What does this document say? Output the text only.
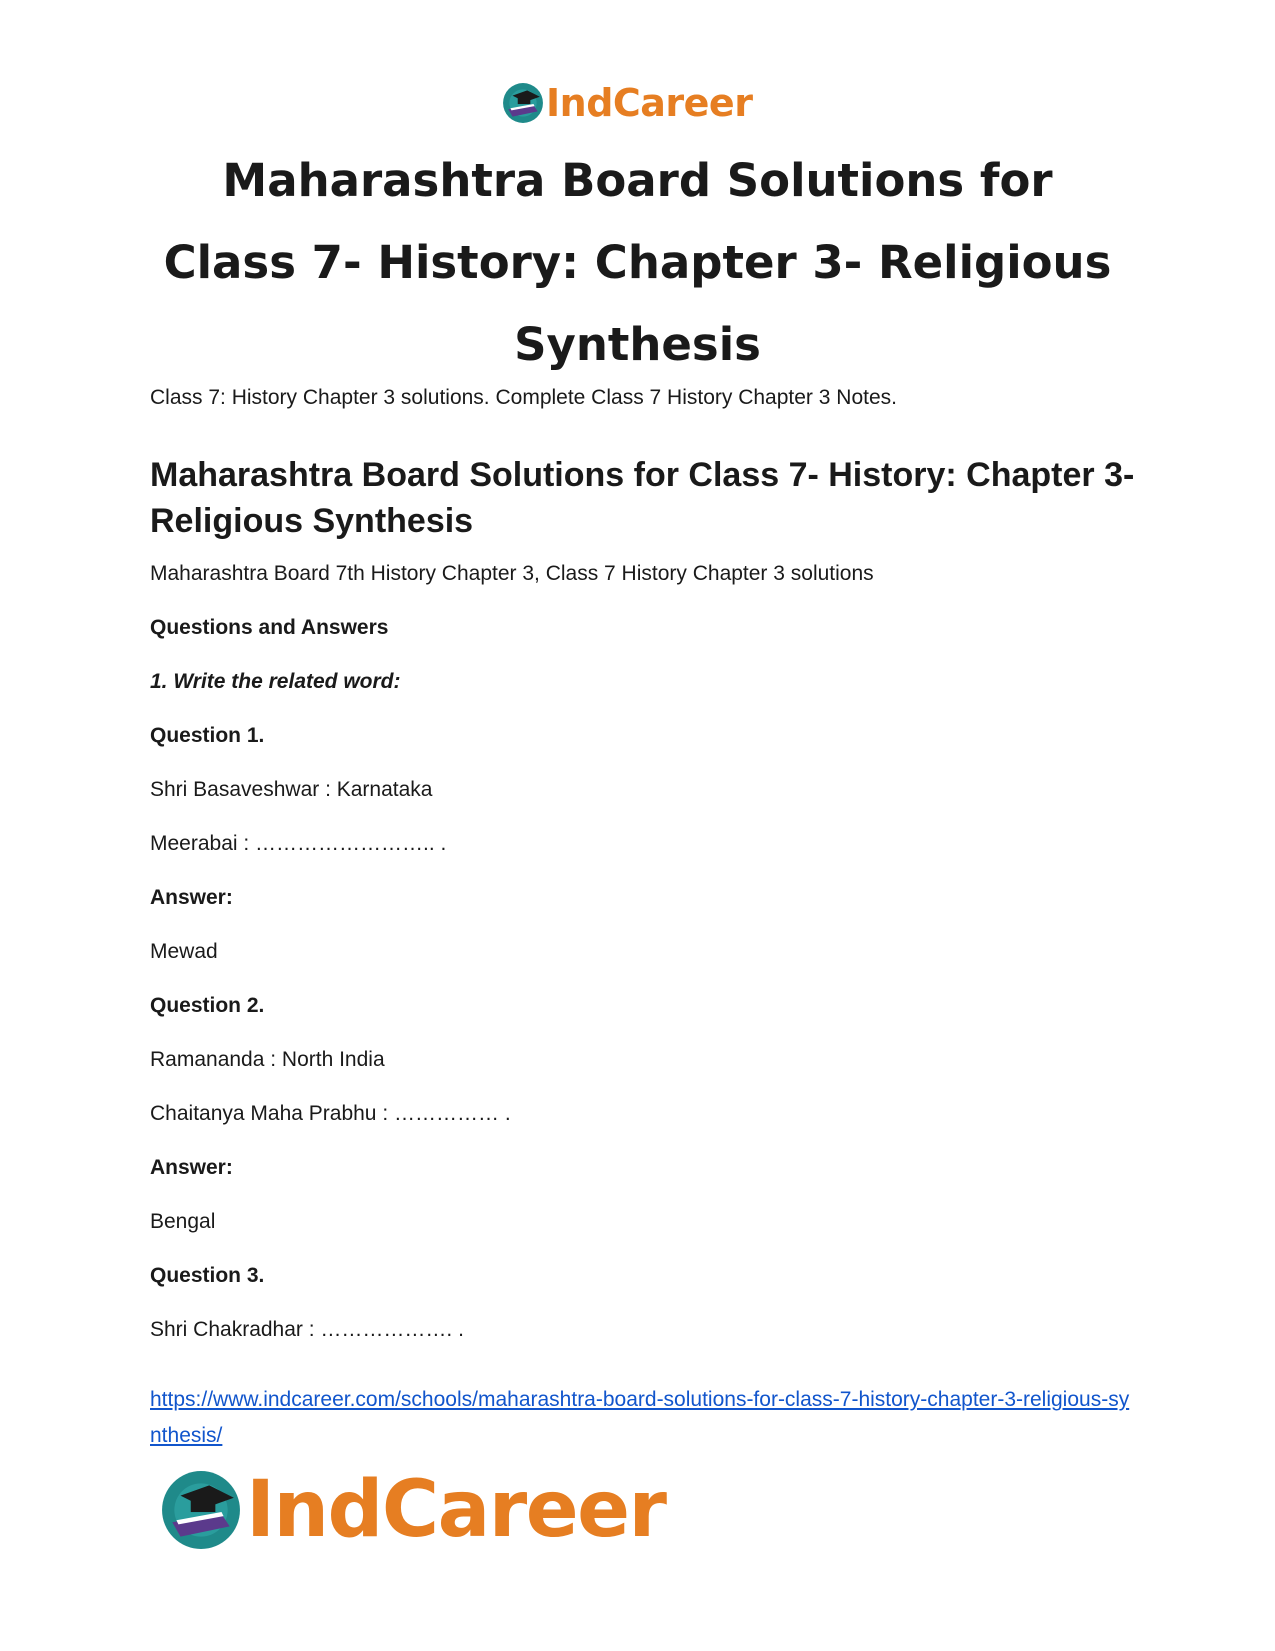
IndCareer
Maharashtra Board Solutions for Class 7- History: Chapter 3- Religious Synthesis

Class 7: History Chapter 3 solutions. Complete Class 7 History Chapter 3 Notes.

Maharashtra Board Solutions for Class 7- History: Chapter 3- Religious Synthesis

Maharashtra Board 7th History Chapter 3, Class 7 History Chapter 3 solutions

Questions and Answers

1. Write the related word:

Question 1.

Shri Basaveshwar : Karnataka

Meerabai : …………………….. .

Answer:

Mewad

Question 2.

Ramananda : North India

Chaitanya Maha Prabhu : …………… .

Answer:

Bengal

Question 3.

Shri Chakradhar : ………………. .

https://www.indcareer.com/schools/maharashtra-board-solutions-for-class-7-history-chapter-3-religious-synthesis/
IndCareer
